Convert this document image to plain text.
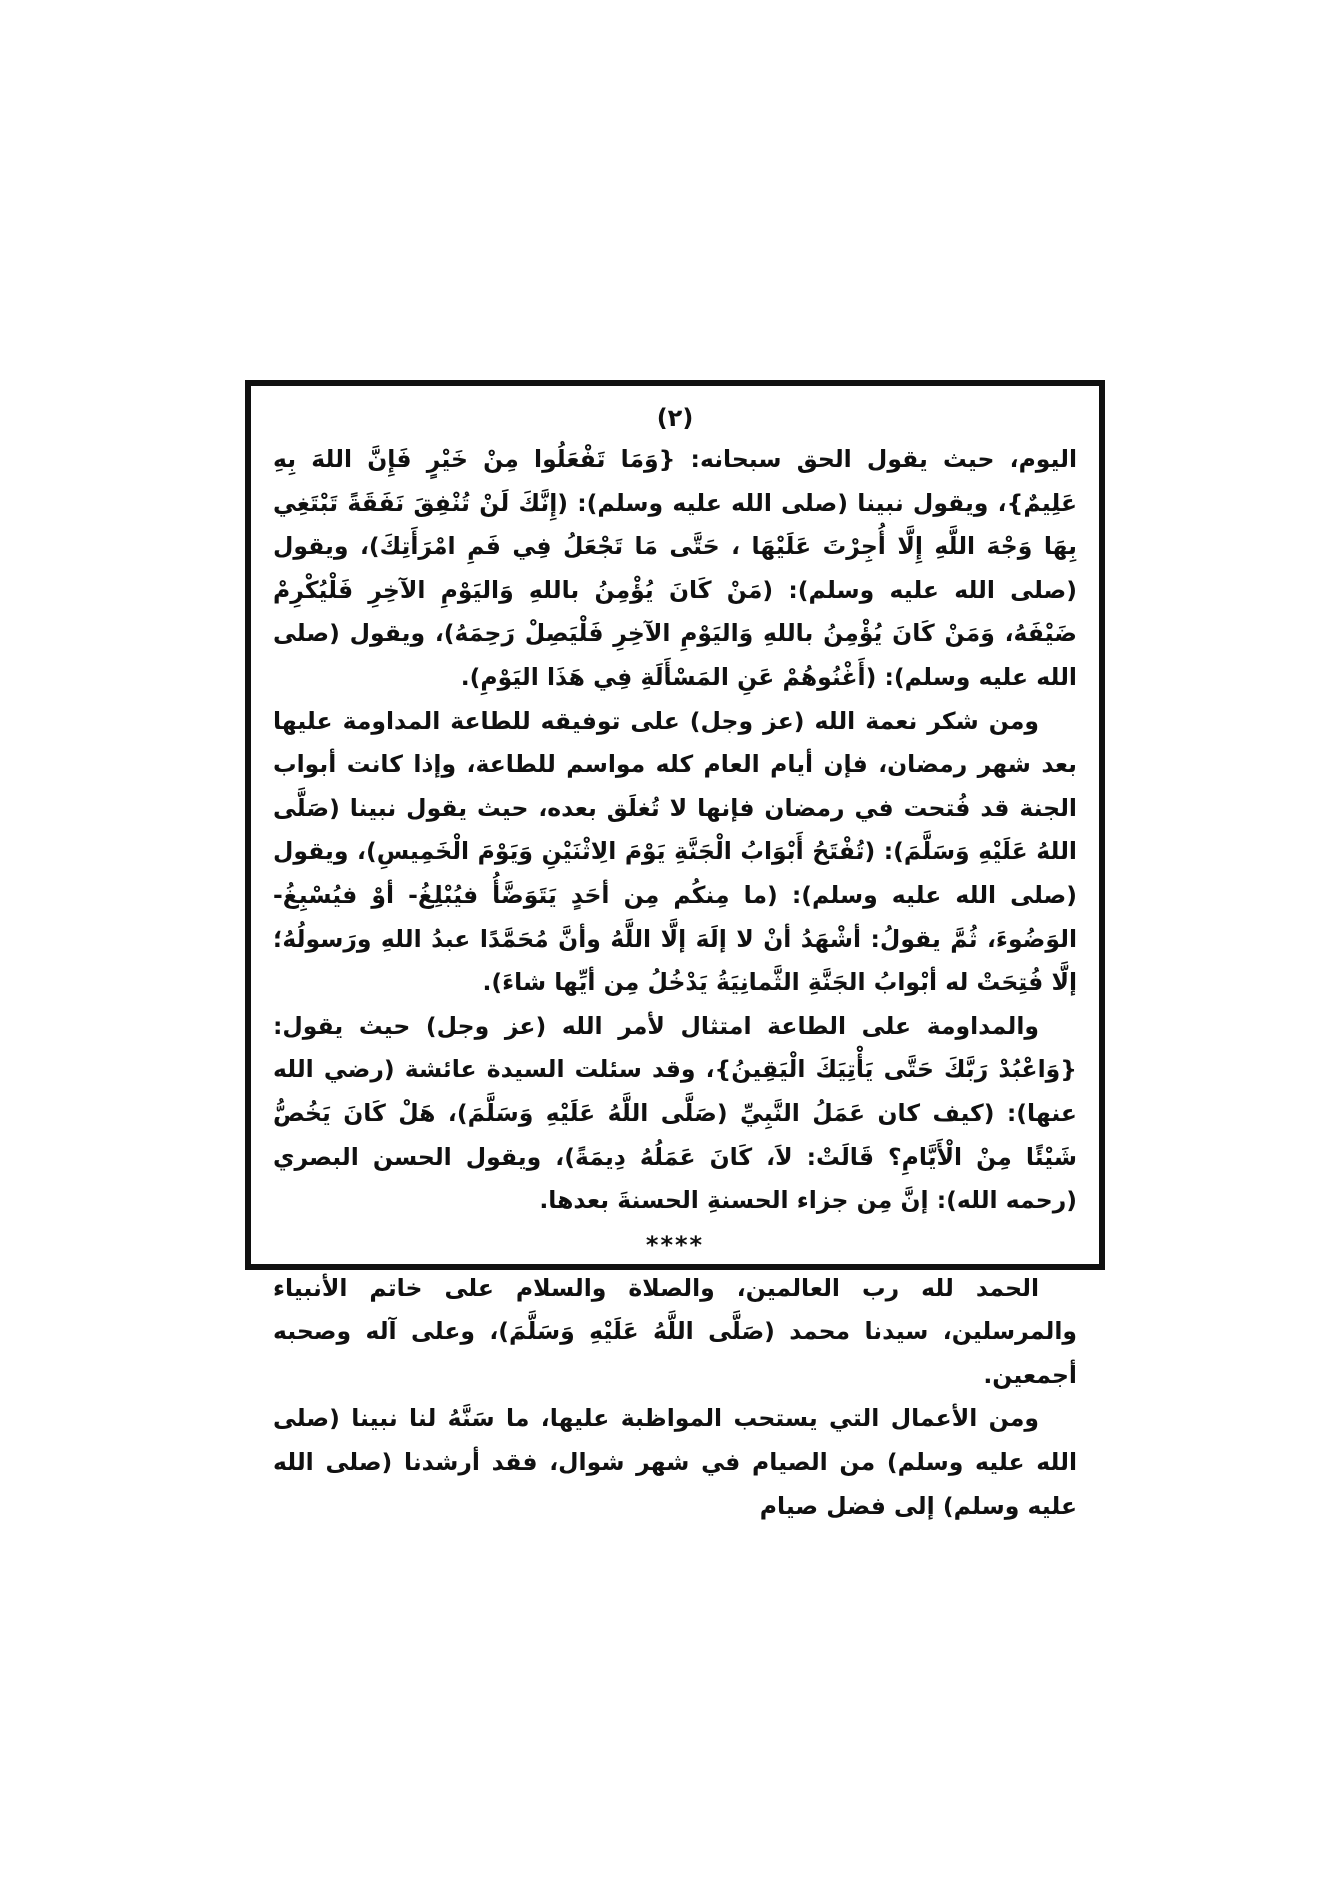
(٢)

اليوم، حيث يقول الحق سبحانه: {وَمَا تَفْعَلُوا مِنْ خَيْرٍ فَإِنَّ اللهَ بِهِ عَلِيمٌ}، ويقول نبينا (صلى الله عليه وسلم): (إِنَّكَ لَنْ تُنْفِقَ نَفَقَةً تَبْتَغِي بِهَا وَجْهَ اللَّهِ إِلَّا أُجِرْتَ عَلَيْهَا ، حَتَّى مَا تَجْعَلُ فِي فَمِ امْرَأَتِكَ)، ويقول (صلى الله عليه وسلم): (مَنْ كَانَ يُؤْمِنُ باللهِ وَاليَوْمِ الآخِرِ فَلْيُكْرِمْ ضَيْفَهُ، وَمَنْ كَانَ يُؤْمِنُ باللهِ وَاليَوْمِ الآخِرِ فَلْيَصِلْ رَحِمَهُ)، ويقول (صلى الله عليه وسلم): (أَغْنُوهُمْ عَنِ المَسْأَلَةِ فِي هَذَا اليَوْمِ).

ومن شكر نعمة الله (عز وجل) على توفيقه للطاعة المداومة عليها بعد شهر رمضان، فإن أيام العام كله مواسم للطاعة، وإذا كانت أبواب الجنة قد فُتحت في رمضان فإنها لا تُغلَق بعده، حيث يقول نبينا (صَلَّى اللهُ عَلَيْهِ وَسَلَّمَ): (تُفْتَحُ أَبْوَابُ الْجَنَّةِ يَوْمَ الِاثْنَيْنِ وَيَوْمَ الْخَمِيسِ)، ويقول (صلى الله عليه وسلم): (ما مِنكُم مِن أحَدٍ يَتَوَضَّأُ فيُبْلِغُ- أوْ فيُسْبِغُ- الوَضُوءَ، ثُمَّ يقولُ: أشْهَدُ أنْ لا إلَهَ إلَّا اللَّهُ وأنَّ مُحَمَّدًا عبدُ اللهِ ورَسولُهُ؛ إلَّا فُتِحَتْ له أبْوابُ الجَنَّةِ الثَّمانِيَةُ يَدْخُلُ مِن أيِّها شاءَ).

والمداومة على الطاعة امتثال لأمر الله (عز وجل) حيث يقول: {وَاعْبُدْ رَبَّكَ حَتَّى يَأْتِيَكَ الْيَقِينُ}، وقد سئلت السيدة عائشة (رضي الله عنها): (كيف كان عَمَلُ النَّبِيِّ (صَلَّى اللَّهُ عَلَيْهِ وَسَلَّمَ)، هَلْ كَانَ يَخُصُّ شَيْئًا مِنْ الْأَيَّامِ؟ قَالَتْ: لاَ، كَانَ عَمَلُهُ دِيمَةً)، ويقول الحسن البصري (رحمه الله): إنَّ مِن جزاء الحسنةِ الحسنةَ بعدها.

****

الحمد لله رب العالمين، والصلاة والسلام على خاتم الأنبياء والمرسلين، سيدنا محمد (صَلَّى اللَّهُ عَلَيْهِ وَسَلَّمَ)، وعلى آله وصحبه أجمعين.

ومن الأعمال التي يستحب المواظبة عليها، ما سَنَّهُ لنا نبينا (صلى الله عليه وسلم) من الصيام في شهر شوال، فقد أرشدنا (صلى الله عليه وسلم) إلى فضل صيام
